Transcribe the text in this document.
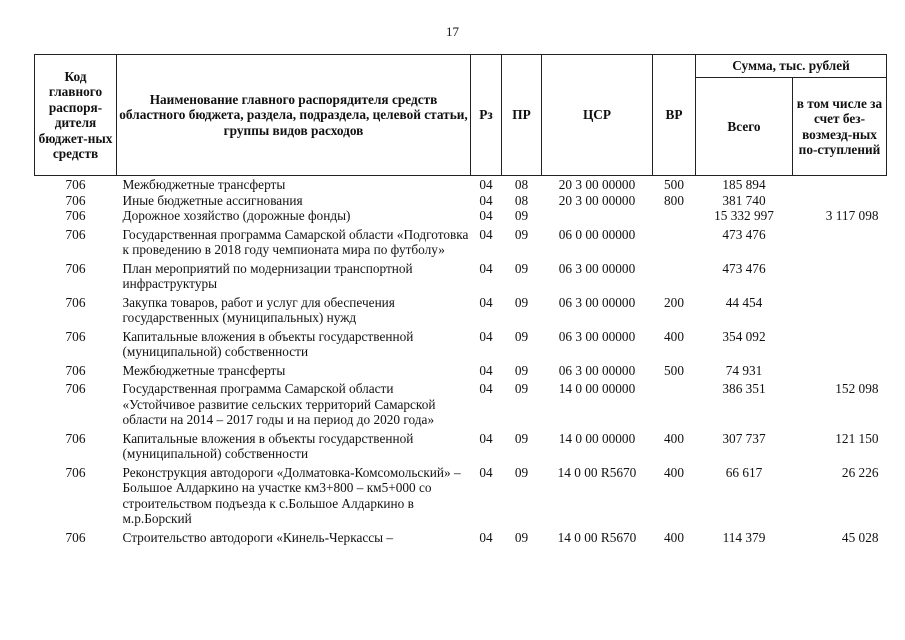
17
Код главного распоря-дителя бюджет-ных средств	Наименование главного распорядителя средств областного бюджета, раздела, подраздела, целевой статьи, группы видов расходов	Рз	ПР	ЦСР	ВР	Сумма, тыс. рублей	
						Всего	в том числе за счет без-возмезд-ных по-ступлений
706	Межбюджетные трансферты	04	08	20 3 00 00000	500	185 894	
706	Иные бюджетные ассигнования	04	08	20 3 00 00000	800	381 740	
706	Дорожное хозяйство (дорожные фонды)	04	09			15 332 997	3 117 098
706	Государственная программа Самарской области «Подготовка к проведению в 2018 году чемпионата мира по футболу»	04	09	06 0 00 00000		473 476	
706	План мероприятий по модернизации транспортной инфраструктуры	04	09	06 3 00 00000		473 476	
706	Закупка товаров, работ и услуг для обеспечения государственных (муниципальных) нужд	04	09	06 3 00 00000	200	44 454	
706	Капитальные вложения в объекты государственной (муниципальной) собственности	04	09	06 3 00 00000	400	354 092	
706	Межбюджетные трансферты	04	09	06 3 00 00000	500	74 931	
706	Государственная программа Самарской области «Устойчивое развитие сельских территорий Самарской области на 2014 – 2017 годы и на период до 2020 года»	04	09	14 0 00 00000		386 351	152 098
706	Капитальные вложения в объекты государственной (муниципальной) собственности	04	09	14 0 00 00000	400	307 737	121 150
706	Реконструкция автодороги «Долматовка-Комсомольский» – Большое Алдаркино на участке км3+800 – км5+000 со строительством подъезда к с.Большое Алдаркино в м.р.Борский	04	09	14 0 00 R5670	400	66 617	26 226
706	Строительство автодороги «Кинель-Черкассы –	04	09	14 0 00 R5670	400	114 379	45 028
